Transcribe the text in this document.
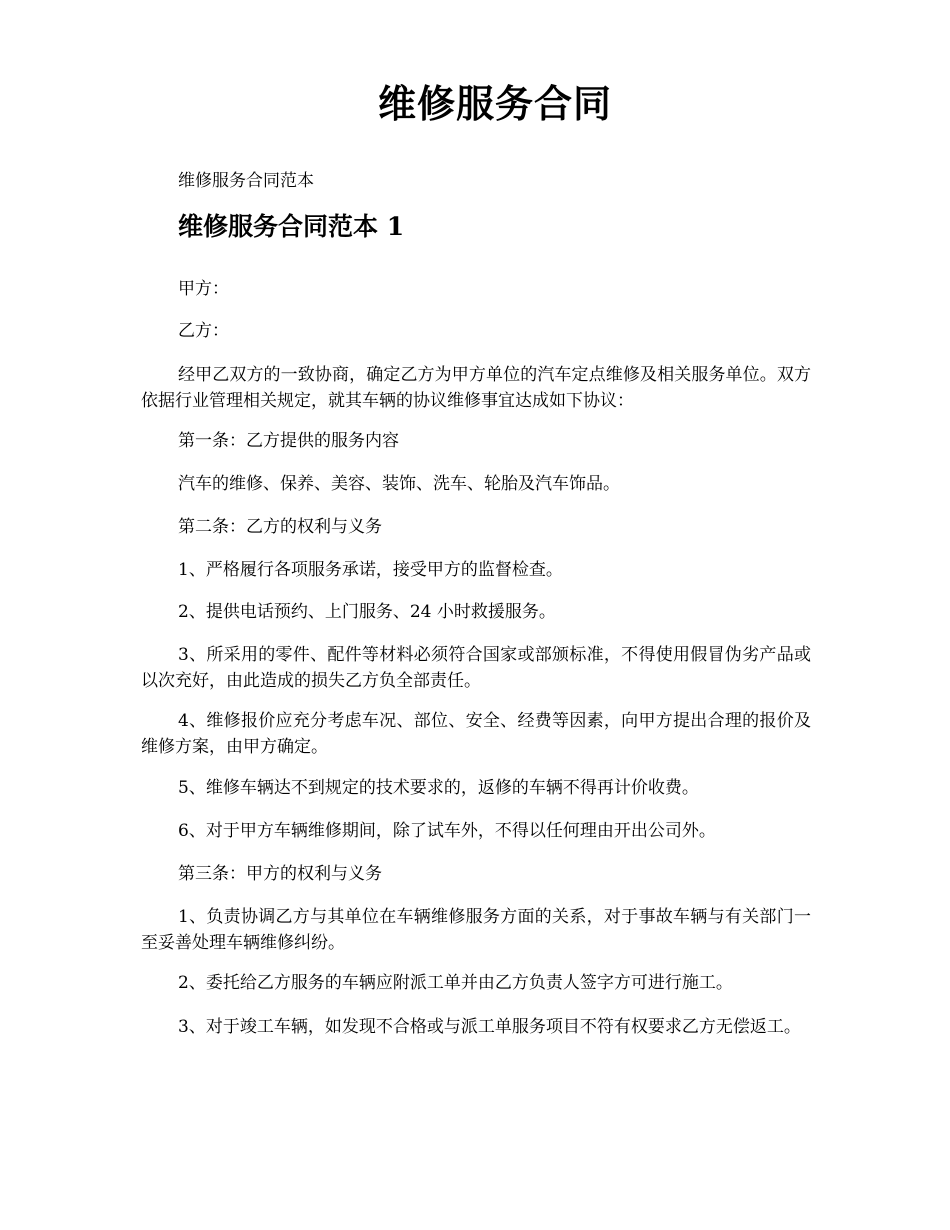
维修服务合同
维修服务合同范本
维修服务合同范本 1

甲方：

乙方：

经甲乙双方的一致协商，确定乙方为甲方单位的汽车定点维修及相关服务单位。双方依据行业管理相关规定，就其车辆的协议维修事宜达成如下协议：

第一条：乙方提供的服务内容

汽车的维修、保养、美容、装饰、洗车、轮胎及汽车饰品。

第二条：乙方的权利与义务

1、严格履行各项服务承诺，接受甲方的监督检查。

2、提供电话预约、上门服务、24 小时救援服务。

3、所采用的零件、配件等材料必须符合国家或部颁标准，不得使用假冒伪劣产品或以次充好，由此造成的损失乙方负全部责任。

4、维修报价应充分考虑车况、部位、安全、经费等因素，向甲方提出合理的报价及维修方案，由甲方确定。

5、维修车辆达不到规定的技术要求的，返修的车辆不得再计价收费。

6、对于甲方车辆维修期间，除了试车外，不得以任何理由开出公司外。

第三条：甲方的权利与义务

1、负责协调乙方与其单位在车辆维修服务方面的关系，对于事故车辆与有关部门一至妥善处理车辆维修纠纷。

2、委托给乙方服务的车辆应附派工单并由乙方负责人签字方可进行施工。

3、对于竣工车辆，如发现不合格或与派工单服务项目不符有权要求乙方无偿返工。
